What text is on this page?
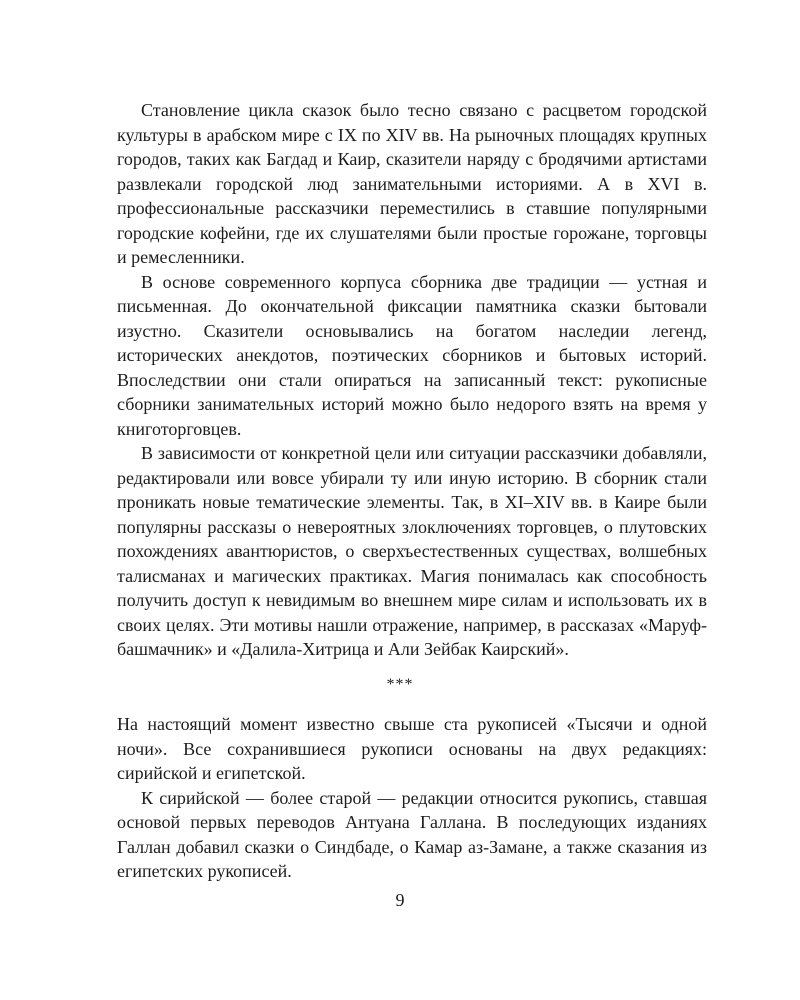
Становление цикла сказок было тесно связано с расцветом городской культуры в арабском мире с IX по XIV вв. На рыночных площадях крупных городов, таких как Багдад и Каир, сказители наряду с бродячими артистами развлекали городской люд занимательными историями. А в XVI в. профессиональные рассказчики переместились в ставшие популярными городские кофейни, где их слушателями были простые горожане, торговцы и ремесленники.

В основе современного корпуса сборника две традиции — устная и письменная. До окончательной фиксации памятника сказки бытовали изустно. Сказители основывались на богатом наследии легенд, исторических анекдотов, поэтических сборников и бытовых историй. Впоследствии они стали опираться на записанный текст: рукописные сборники занимательных историй можно было недорого взять на время у книготорговцев.

В зависимости от конкретной цели или ситуации рассказчики добавляли, редактировали или вовсе убирали ту или иную историю. В сборник стали проникать новые тематические элементы. Так, в XI–XIV вв. в Каире были популярны рассказы о невероятных злоключениях торговцев, о плутовских похождениях авантюристов, о сверхъестественных существах, волшебных талисманах и магических практиках. Магия понималась как способность получить доступ к невидимым во внешнем мире силам и использовать их в своих целях. Эти мотивы нашли отражение, например, в рассказах «Маруф-башмачник» и «Далила-Хитрица и Али Зейбак Каирский».

***

На настоящий момент известно свыше ста рукописей «Тысячи и одной ночи». Все сохранившиеся рукописи основаны на двух редакциях: сирийской и египетской.

К сирийской — более старой — редакции относится рукопись, ставшая основой первых переводов Антуана Галлана. В последующих изданиях Галлан добавил сказки о Синдбаде, о Камар аз-Замане, а также сказания из египетских рукописей.

9
